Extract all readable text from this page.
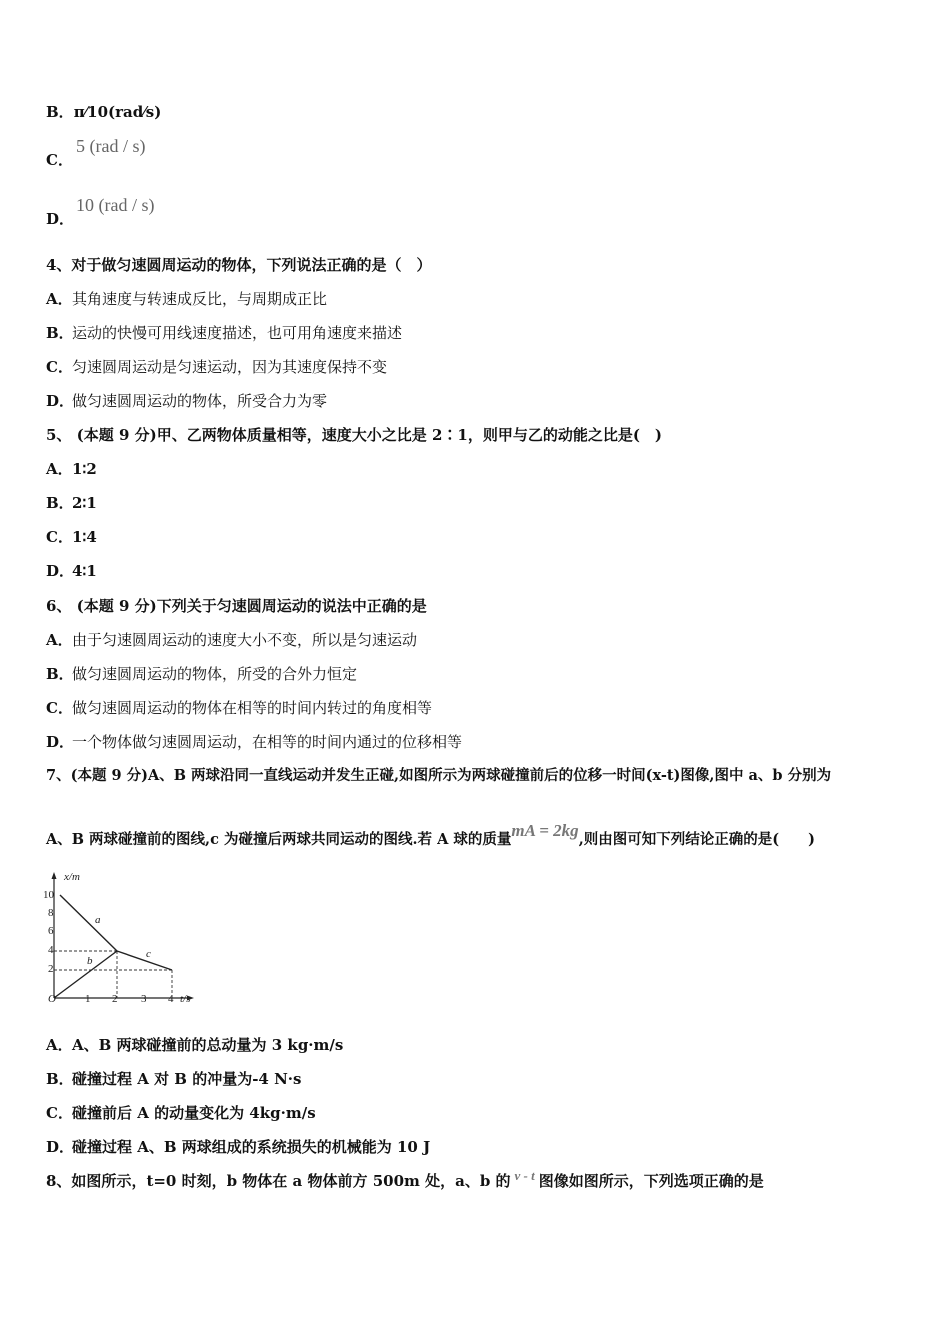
B．π⁄10(rad⁄s)
C．
5 (rad / s)
D．
10 (rad / s)
4、对于做匀速圆周运动的物体，下列说法正确的是（　）
A．其角速度与转速成反比，与周期成正比
B．运动的快慢可用线速度描述，也可用角速度来描述
C．匀速圆周运动是匀速运动，因为其速度保持不变
D．做匀速圆周运动的物体，所受合力为零
5、 (本题 9 分)甲、乙两物体质量相等，速度大小之比是 2∶1，则甲与乙的动能之比是(　)
A．1∶2
B．2∶1
C．1∶4
D．4∶1
6、 (本题 9 分)下列关于匀速圆周运动的说法中正确的是
A．由于匀速圆周运动的速度大小不变，所以是匀速运动
B．做匀速圆周运动的物体，所受的合外力恒定
C．做匀速圆周运动的物体在相等的时间内转过的角度相等
D．一个物体做匀速圆周运动，在相等的时间内通过的位移相等
7、(本题 9 分)A、B 两球沿同一直线运动并发生正碰,如图所示为两球碰撞前后的位移一时间(x-t)图像,图中 a、b 分别为
A、B 两球碰撞前的图线,c 为碰撞后两球共同运动的图线.若 A 球的质量mA = 2kg,则由图可知下列结论正确的是(　　)
x/m
t/s
O
10
8
6
4
2
1 2 3 4
a
b
c
A．A、B 两球碰撞前的总动量为 3 kg·m/s
B．碰撞过程 A 对 B 的冲量为-4 N·s
C．碰撞前后 A 的动量变化为 4kg·m/s
D．碰撞过程 A、B 两球组成的系统损失的机械能为 10 J
8、如图所示，t=0 时刻，b 物体在 a 物体前方 500m 处，a、b 的 v - t 图像如图所示，下列选项正确的是
